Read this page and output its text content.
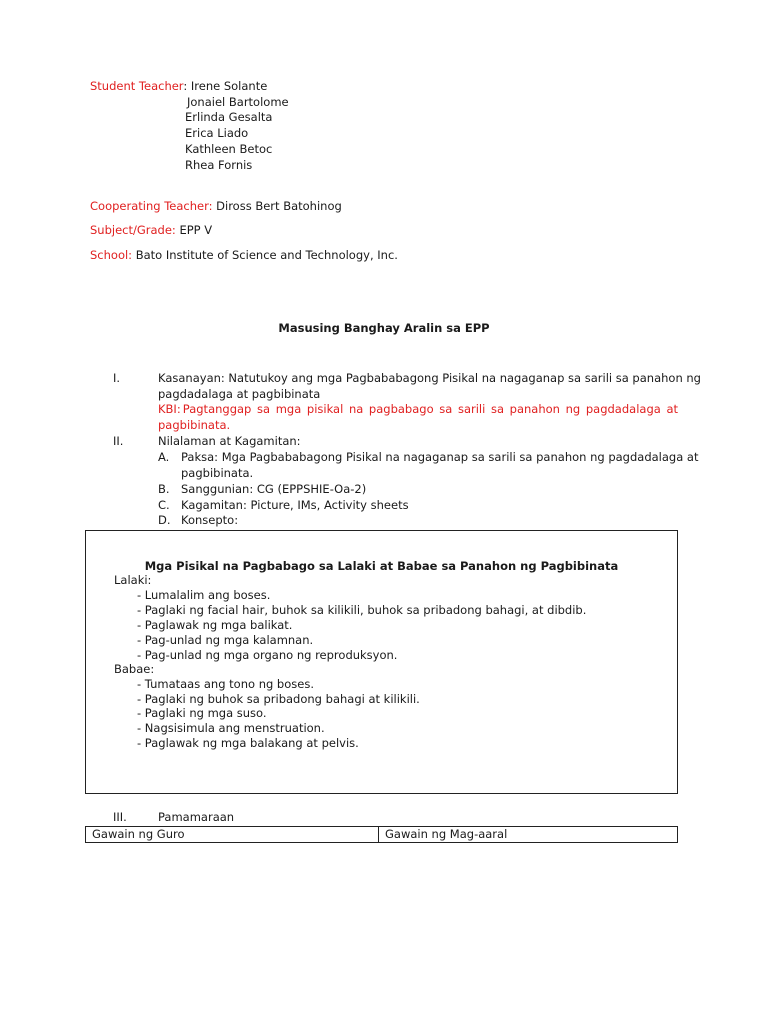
Student Teacher: Irene Solante
Jonaiel Bartolome
Erlinda Gesalta
Erica Liado
Kathleen Betoc
Rhea Fornis
Cooperating Teacher: Diross Bert Batohinog
Subject/Grade: EPP V
School: Bato Institute of Science and Technology, Inc.
Masusing Banghay Aralin sa EPP
I.	Kasanayan: Natutukoy ang mga Pagbababagong Pisikal na nagaganap sa sarili sa panahon ng
pagdadalaga at pagbibinata
KBI: Pagtanggap sa mga pisikal na pagbabago sa sarili sa panahon ng pagdadalaga at
pagbibinata.
II.	Nilalaman at Kagamitan:
A. Paksa: Mga Pagbababagong Pisikal na nagaganap sa sarili sa panahon ng pagdadalaga at
pagbibinata.
B. Sanggunian: CG (EPPSHIE-Oa-2)
C. Kagamitan: Picture, IMs, Activity sheets
D. Konsepto:
Mga Pisikal na Pagbabago sa Lalaki at Babae sa Panahon ng Pagbibinata
Lalaki:
- Lumalalim ang boses.
- Paglaki ng facial hair, buhok sa kilikili, buhok sa pribadong bahagi, at dibdib.
- Paglawak ng mga balikat.
- Pag-unlad ng mga kalamnan.
- Pag-unlad ng mga organo ng reproduksyon.
Babae:
- Tumataas ang tono ng boses.
- Paglaki ng buhok sa pribadong bahagi at kilikili.
- Paglaki ng mga suso.
- Nagsisimula ang menstruation.
- Paglawak ng mga balakang at pelvis.
III.	Pamamaraan
Gawain ng Guro	Gawain ng Mag-aaral
